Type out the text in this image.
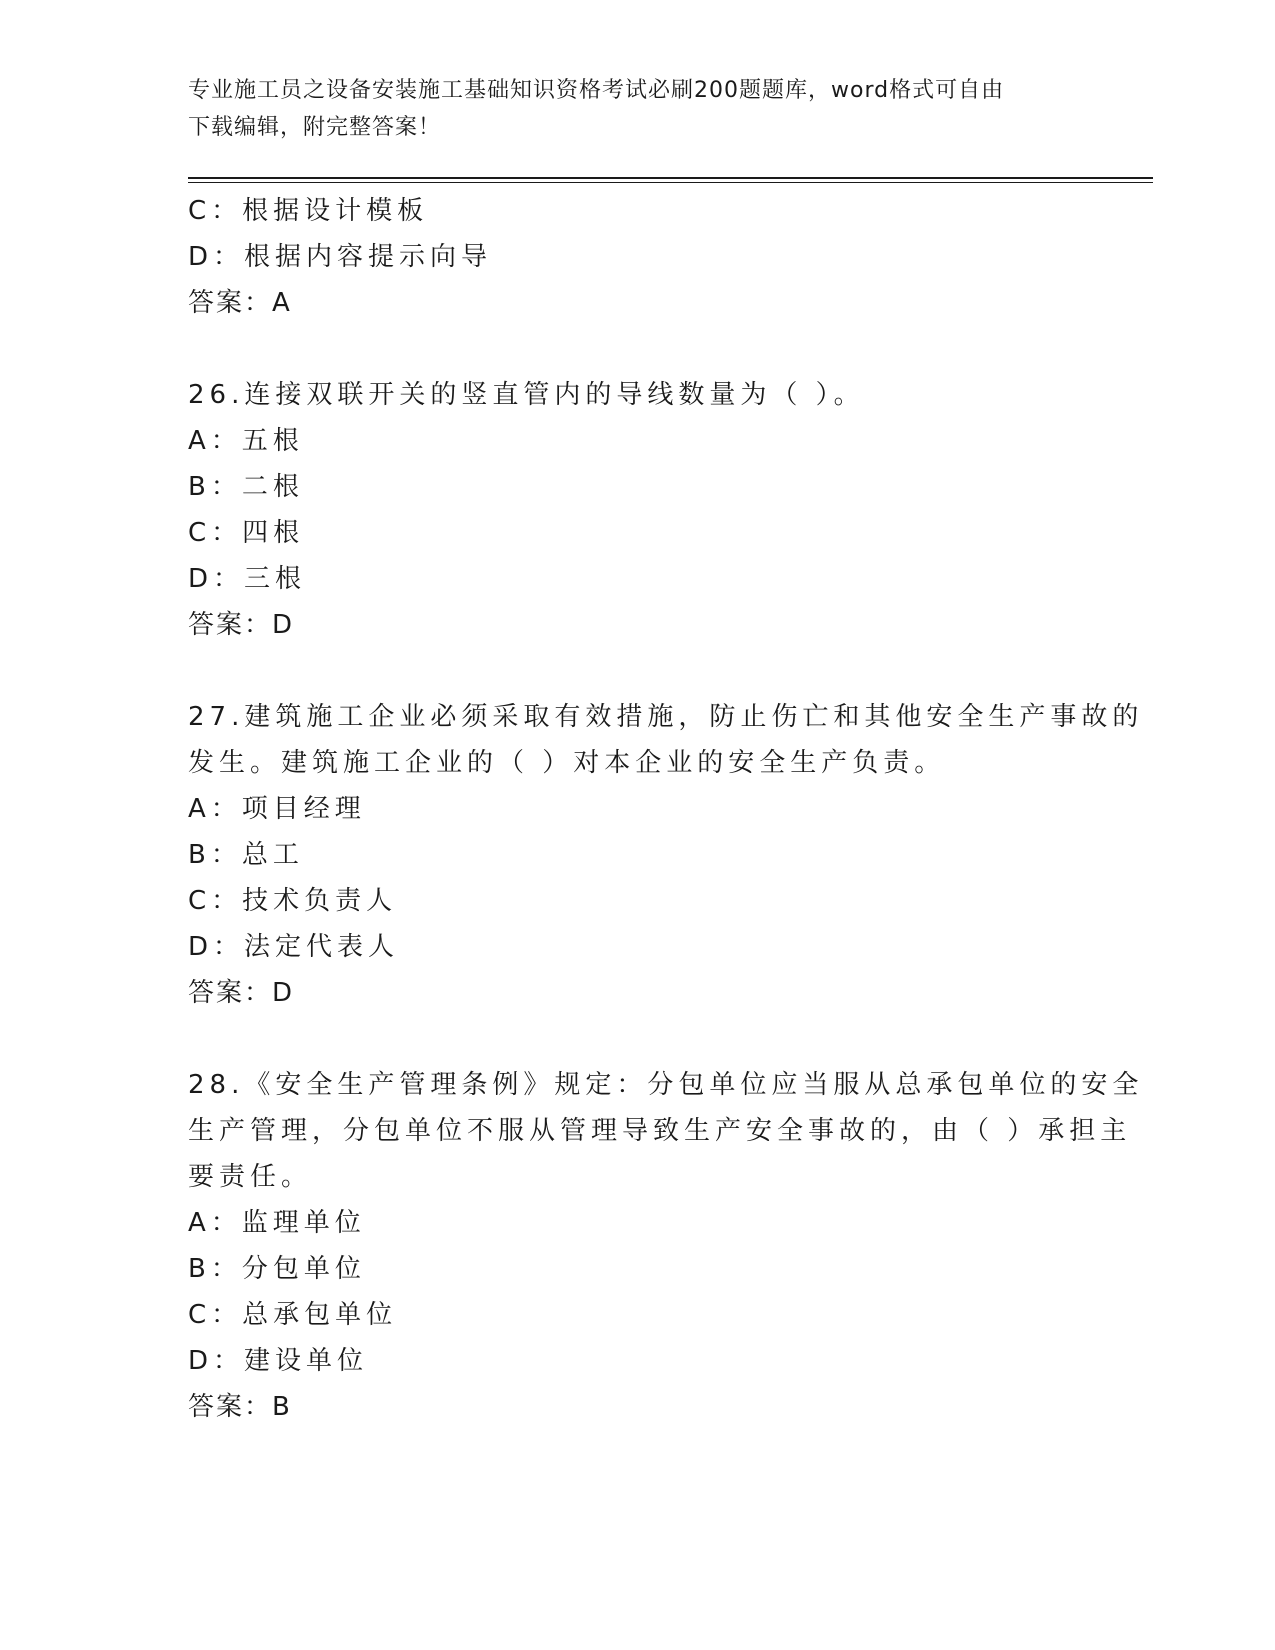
专业施工员之设备安装施工基础知识资格考试必刷200题题库，word格式可自由
下载编辑，附完整答案！
C：根据设计模板
D：根据内容提示向导
答案：A
26.连接双联开关的竖直管内的导线数量为（ ）。
A：五根
B：二根
C：四根
D：三根
答案：D
27.建筑施工企业必须采取有效措施，防止伤亡和其他安全生产事故的
发生。建筑施工企业的（ ）对本企业的安全生产负责。
A：项目经理
B：总工
C：技术负责人
D：法定代表人
答案：D
28.《安全生产管理条例》规定：分包单位应当服从总承包单位的安全
生产管理，分包单位不服从管理导致生产安全事故的，由（ ）承担主
要责任。
A：监理单位
B：分包单位
C：总承包单位
D：建设单位
答案：B
